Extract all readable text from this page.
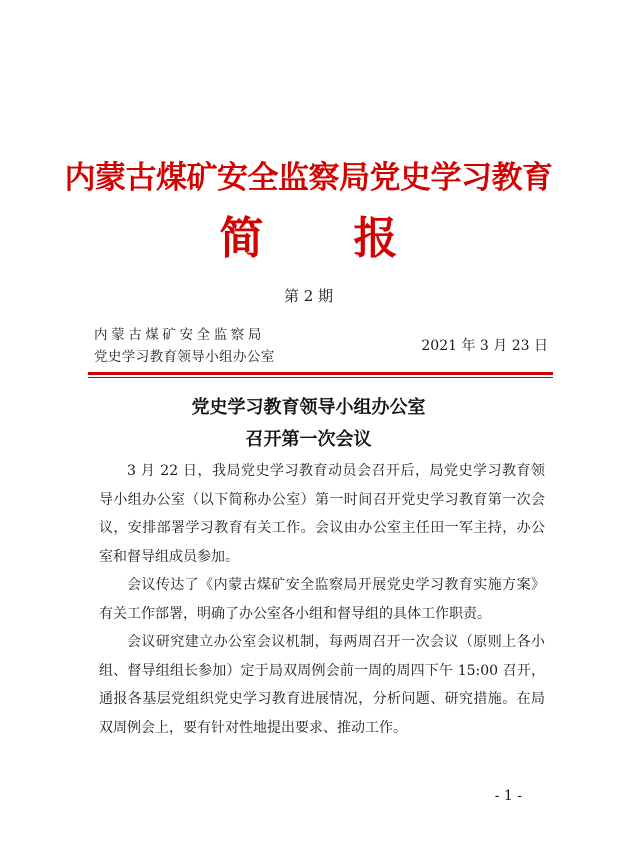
内蒙古煤矿安全监察局党史学习教育
简报
第 2 期
内蒙古煤矿安全监察局
党史学习教育领导小组办公室
2021 年 3 月 23 日
党史学习教育领导小组办公室
召开第一次会议

3 月 22 日，我局党史学习教育动员会召开后，局党史学习教育领导小组办公室（以下简称办公室）第一时间召开党史学习教育第一次会议，安排部署学习教育有关工作。会议由办公室主任田一军主持，办公室和督导组成员参加。

会议传达了《内蒙古煤矿安全监察局开展党史学习教育实施方案》有关工作部署，明确了办公室各小组和督导组的具体工作职责。

会议研究建立办公室会议机制，每两周召开一次会议（原则上各小组、督导组组长参加）定于局双周例会前一周的周四下午 15:00 召开，通报各基层党组织党史学习教育进展情况，分析问题、研究措施。在局双周例会上，要有针对性地提出要求、推动工作。

- 1 -
